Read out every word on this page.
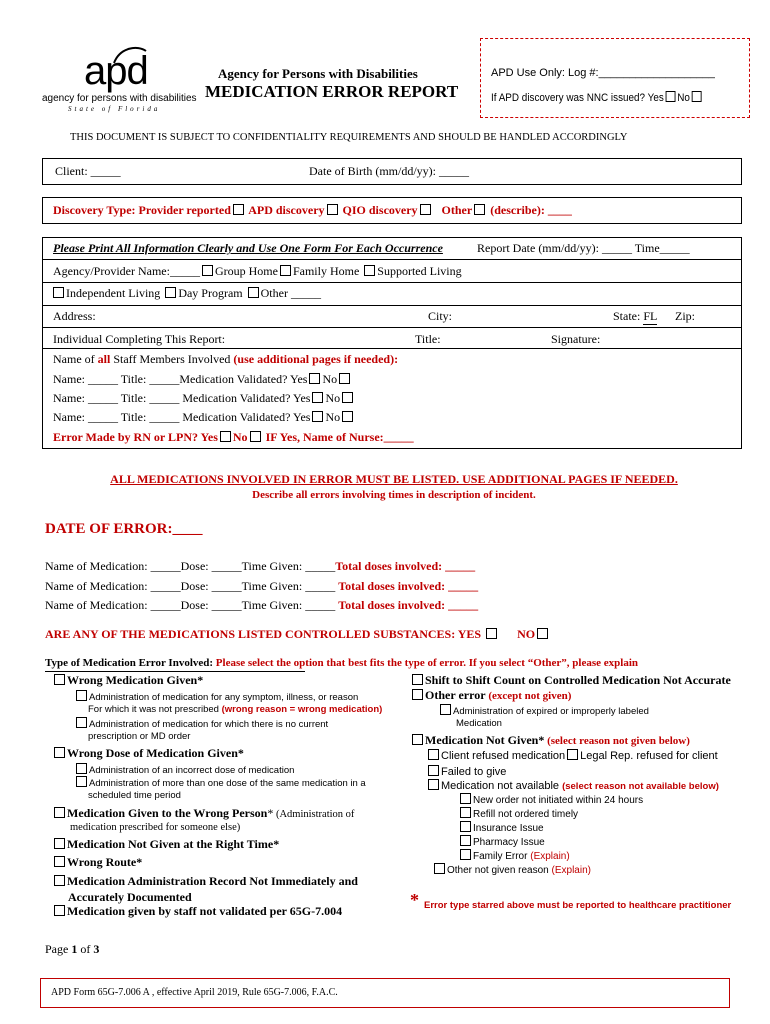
apd
agency for persons with disabilities
State of Florida
Agency for Persons with Disabilities
MEDICATION ERROR REPORT
APD Use Only: Log #:___________________
If APD discovery was NNC issued? Yes No
THIS DOCUMENT IS SUBJECT TO CONFIDENTIALITY REQUIREMENTS AND SHOULD BE HANDLED ACCORDINGLY
Client: _____	Date of Birth (mm/dd/yy): _____
Discovery Type: Provider reported APD discovery QIO discovery Other (describe): ____
Please Print All Information Clearly and Use One Form For Each Occurrence	Report Date (mm/dd/yy): _____ Time_____
Agency/Provider Name:_____ Group Home Family Home Supported Living
Independent Living Day Program Other _____
Address:	City:	State: FL Zip:
Individual Completing This Report:	Title:	Signature:
Name of all Staff Members Involved (use additional pages if needed):
Name: _____ Title: _____Medication Validated? Yes No
Name: _____ Title: _____ Medication Validated? Yes No
Name: _____ Title: _____ Medication Validated? Yes No
Error Made by RN or LPN? Yes No IF Yes, Name of Nurse:_____
ALL MEDICATIONS INVOLVED IN ERROR MUST BE LISTED. USE ADDITIONAL PAGES IF NEEDED.
Describe all errors involving times in description of incident.
DATE OF ERROR:____
Name of Medication: _____Dose: _____Time Given: _____Total doses involved: _____
Name of Medication: _____Dose: _____Time Given: _____ Total doses involved: _____
Name of Medication: _____Dose: _____Time Given: _____ Total doses involved: _____
ARE ANY OF THE MEDICATIONS LISTED CONTROLLED SUBSTANCES: YES	NO
Type of Medication Error Involved: Please select the option that best fits the type of error. If you select “Other”, please explain
Wrong Medication Given*
Administration of medication for any symptom, illness, or reason
For which it was not prescribed (wrong reason = wrong medication)
Administration of medication for which there is no current
prescription or MD order
Wrong Dose of Medication Given*
Administration of an incorrect dose of medication
Administration of more than one dose of the same medication in a
scheduled time period
Medication Given to the Wrong Person* (Administration of
medication prescribed for someone else)
Medication Not Given at the Right Time*
Wrong Route*
Medication Administration Record Not Immediately and
Accurately Documented
Medication given by staff not validated per 65G-7.004
Shift to Shift Count on Controlled Medication Not Accurate
Other error (except not given)
Administration of expired or improperly labeled
Medication
Medication Not Given* (select reason not given below)
Client refused medication Legal Rep. refused for client
Failed to give
Medication not available (select reason not available below)
New order not initiated within 24 hours
Refill not ordered timely
Insurance Issue
Pharmacy Issue
Family Error (Explain)
Other not given reason (Explain)
* Error type starred above must be reported to healthcare practitioner
Page 1 of 3
APD Form 65G-7.006 A , effective April 2019, Rule 65G-7.006, F.A.C.
